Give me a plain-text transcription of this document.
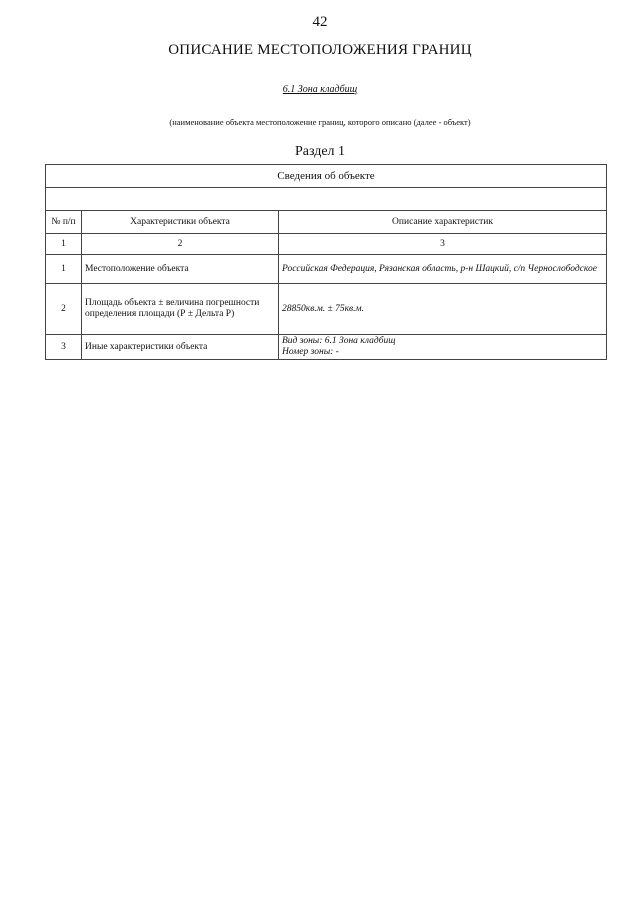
42
ОПИСАНИЕ МЕСТОПОЛОЖЕНИЯ ГРАНИЦ
6.1 Зона кладбищ
(наименование объекта местоположение границ, которого описано (далее - объект)
Раздел 1
Сведения об объекте		

№ п/п	Характеристики объекта	Описание характеристик
1	2	3
1	Местоположение объекта	Российская Федерация, Рязанская область, р-н Шацкий, с/п Чернослободское
2	Площадь объекта ± величина погрешности определения площади (Р ± Дельта Р)	28850кв.м. ± 75кв.м.
3	Иные характеристики объекта	Вид зоны: 6.1 Зона кладбищ
Номер зоны: -
